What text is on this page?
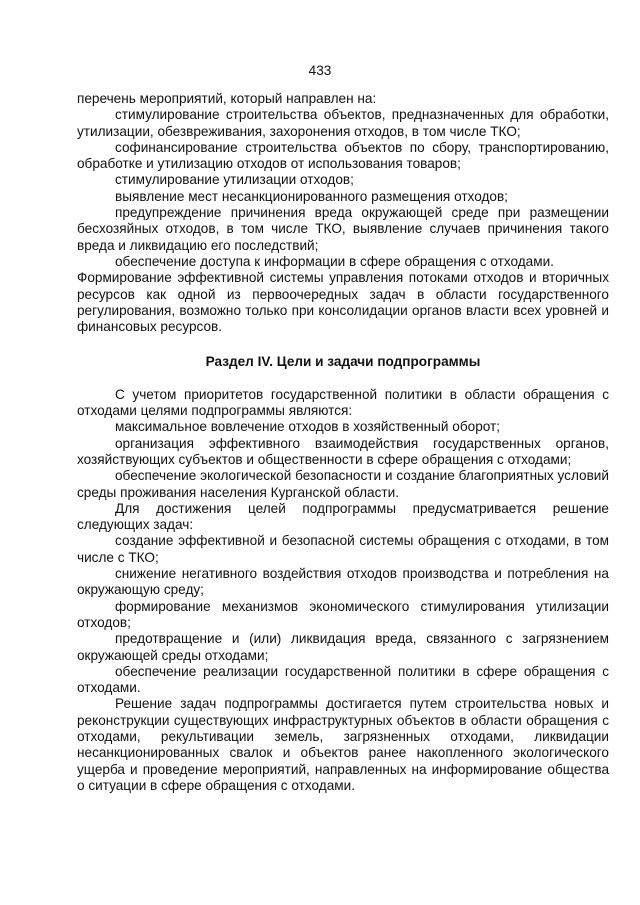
433

перечень мероприятий, который направлен на:

стимулирование строительства объектов, предназначенных для обработки, утилизации, обезвреживания, захоронения отходов, в том числе ТКО;

софинансирование строительства объектов по сбору, транспортированию, обработке и утилизацию отходов от использования товаров;

стимулирование утилизации отходов;

выявление мест несанкционированного размещения отходов;

предупреждение причинения вреда окружающей среде при размещении бесхозяйных отходов, в том числе ТКО, выявление случаев причинения такого вреда и ликвидацию его последствий;

обеспечение доступа к информации в сфере обращения с отходами.

Формирование эффективной системы управления потоками отходов и вторичных ресурсов как одной из первоочередных задач в области государственного регулирования, возможно только при консолидации органов власти всех уровней и финансовых ресурсов.

Раздел IV. Цели и задачи подпрограммы

С учетом приоритетов государственной политики в области обращения с отходами целями подпрограммы являются:

максимальное вовлечение отходов в хозяйственный оборот;

организация эффективного взаимодействия государственных органов, хозяйствующих субъектов и общественности в сфере обращения с отходами;

обеспечение экологической безопасности и создание благоприятных условий среды проживания населения Курганской области.

Для достижения целей подпрограммы предусматривается решение следующих задач:

создание эффективной и безопасной системы обращения с отходами, в том числе с ТКО;

снижение негативного воздействия отходов производства и потребления на окружающую среду;

формирование механизмов экономического стимулирования утилизации отходов;

предотвращение и (или) ликвидация вреда, связанного с загрязнением окружающей среды отходами;

обеспечение реализации государственной политики в сфере обращения с отходами.

Решение задач подпрограммы достигается путем строительства новых и реконструкции существующих инфраструктурных объектов в области обращения с отходами, рекультивации земель, загрязненных отходами, ликвидации несанкционированных свалок и объектов ранее накопленного экологического ущерба и проведение мероприятий, направленных на информирование общества о ситуации в сфере обращения с отходами.
